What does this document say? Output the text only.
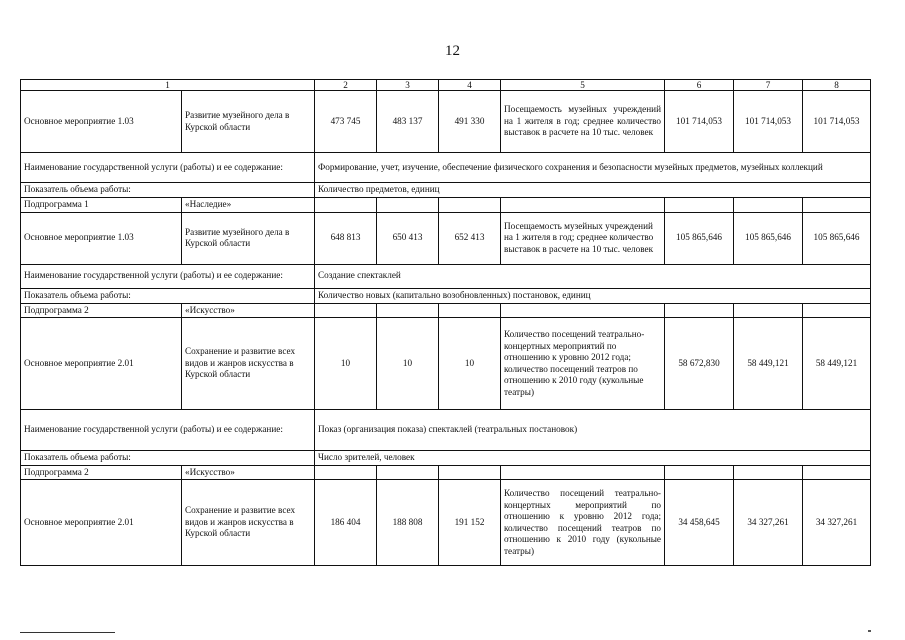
12
1		2	3	4	5	6	7	8
Основное мероприятие 1.03	Развитие музейного дела в Курской области	473 745	483 137	491 330	Посещаемость музейных учреждений на 1 жителя в год; среднее количество выставок в расчете на 10 тыс. человек	101 714,053	101 714,053	101 714,053
Наименование государственной услуги (работы) и ее содержание:		Формирование, учет, изучение, обеспечение физического сохранения и безопасности музейных предметов, музейных коллекций						
Показатель объема работы:		Количество предметов, единиц						
Подпрограмма 1	«Наследие»							
Основное мероприятие 1.03	Развитие музейного дела в Курской области	648 813	650 413	652 413	Посещаемость музейных учреждений на 1 жителя в год; среднее количество выставок в расчете на 10 тыс. человек	105 865,646	105 865,646	105 865,646
Наименование государственной услуги (работы) и ее содержание:		Создание спектаклей						
Показатель объема работы:		Количество новых (капитально возобновленных) постановок, единиц						
Подпрограмма 2	«Искусство»							
Основное мероприятие 2.01	Сохранение и развитие всех видов и жанров искусства в Курской области	10	10	10	Количество посещений театрально-концертных мероприятий по отношению к уровню 2012 года; количество посещений театров по отношению к 2010 году (кукольные театры)	58 672,830	58 449,121	58 449,121
Наименование государственной услуги (работы) и ее содержание:		Показ (организация показа) спектаклей (театральных постановок)						
Показатель объема работы:		Число зрителей, человек						
Подпрограмма 2	«Искусство»							
Основное мероприятие 2.01	Сохранение и развитие всех видов и жанров искусства в Курской области	186 404	188 808	191 152	Количество посещений театрально-концертных мероприятий по отношению к уровню 2012 года; количество посещений театров по отношению к 2010 году (кукольные театры)	34 458,645	34 327,261	34 327,261
